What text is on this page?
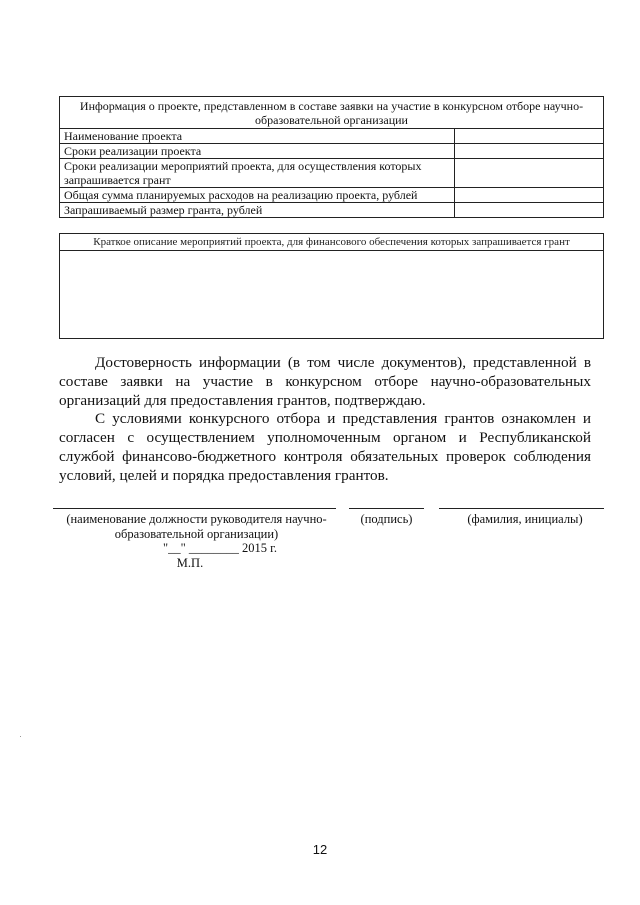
Информация о проекте, представленном в составе заявки на участие в конкурсном отборе научно-образовательной организации	
Наименование проекта	
Сроки реализации проекта	
Сроки реализации мероприятий проекта, для осуществления которых запрашивается грант	
Общая сумма планируемых расходов на реализацию проекта, рублей	
Запрашиваемый размер гранта, рублей	
Краткое описание мероприятий проекта, для финансового обеспечения которых запрашивается грант

Достоверность информации (в том числе документов), представленной в составе заявки на участие в конкурсном отборе научно-образовательных организаций для предоставления грантов, подтверждаю.

С условиями конкурсного отбора и представления грантов ознакомлен и согласен с осуществлением уполномоченным органом и Республиканской службой финансово-бюджетного контроля обязательных проверок соблюдения условий, целей и порядка предоставления грантов.

(наименование должности руководителя научно-образовательной организации)
(подпись)	(фамилия, инициалы)
"__" ________ 2015 г.
М.П.
12
